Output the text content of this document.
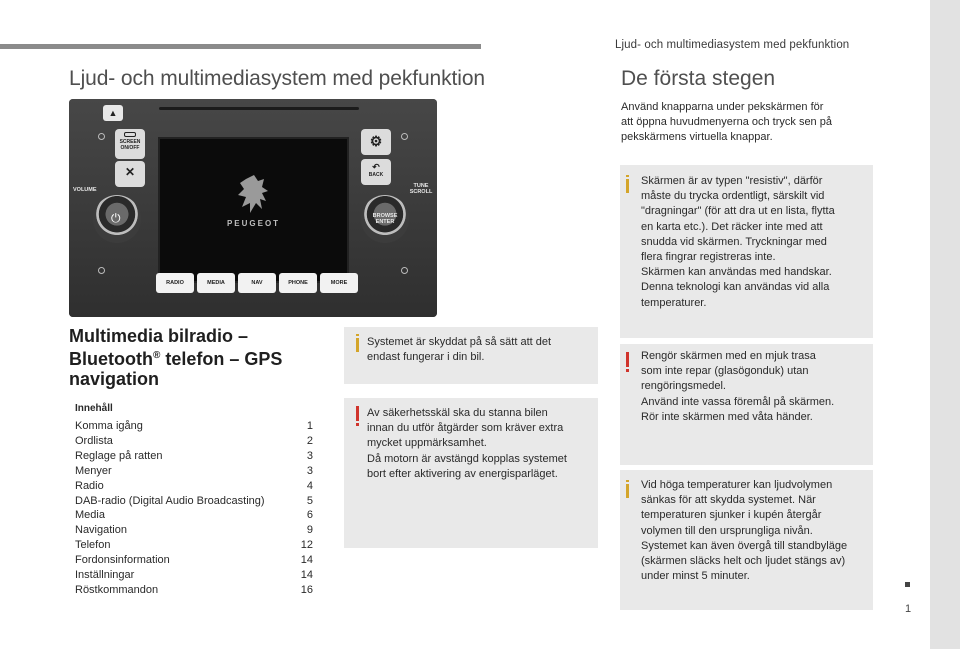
Ljud- och multimediasystem med pekfunktion
1
Ljud- och multimediasystem med pekfunktion	De första stegen
▲
SCREEN ON/OFF
✕
⚙
↶
BACK
VOLUME
⏻
TUNE SCROLL
BROWSE ENTER
PEUGEOT
RADIO	MEDIA	NAV	PHONE	MORE
Multimedia bilradio –
Bluetooth® telefon – GPS
navigation
Innehåll
Komma igång	1
Ordlista	2
Reglage på ratten	3
Menyer	3
Radio	4
DAB-radio (Digital Audio Broadcasting)	5
Media	6
Navigation	9
Telefon	12
Fordonsinformation	14
Inställningar	14
Röstkommandon	16
Systemet är skyddat på så sätt att det
endast fungerar i din bil.
Av säkerhetsskäl ska du stanna bilen
innan du utför åtgärder som kräver extra
mycket uppmärksamhet.
Då motorn är avstängd kopplas systemet
bort efter aktivering av energisparläget.
Använd knapparna under pekskärmen för
att öppna huvudmenyerna och tryck sen på
pekskärmens virtuella knappar.
Skärmen är av typen "resistiv", därför
måste du trycka ordentligt, särskilt vid
"dragningar" (för att dra ut en lista, flytta
en karta etc.). Det räcker inte med att
snudda vid skärmen. Tryckningar med
flera fingrar registreras inte.
Skärmen kan användas med handskar.
Denna teknologi kan användas vid alla
temperaturer.
Rengör skärmen med en mjuk trasa
som inte repar (glasögonduk) utan
rengöringsmedel.
Använd inte vassa föremål på skärmen.
Rör inte skärmen med våta händer.
Vid höga temperaturer kan ljudvolymen
sänkas för att skydda systemet. När
temperaturen sjunker i kupén återgår
volymen till den ursprungliga nivån.
Systemet kan även övergå till standbyläge
(skärmen släcks helt och ljudet stängs av)
under minst 5 minuter.
